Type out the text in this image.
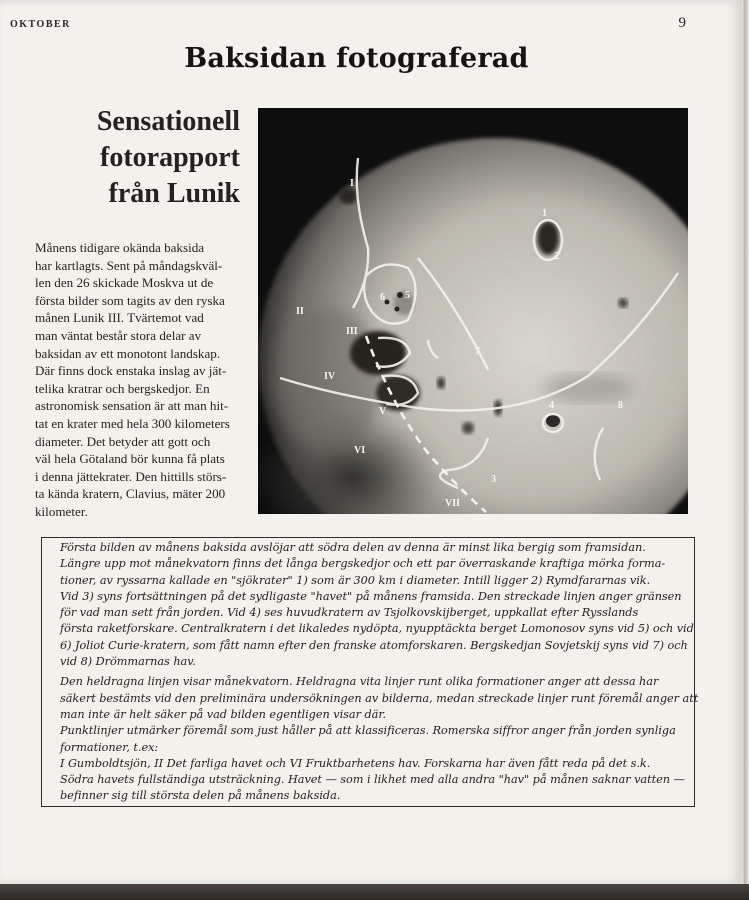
OKTOBER	9
Baksidan fotograferad
Sensationell
fotorapport
från Lunik
Månens tidigare okända baksida
har kartlagts. Sent på måndagskväl-
len den 26 skickade Moskva ut de
första bilder som tagits av den ryska
månen Lunik III. Tvärtemot vad
man väntat består stora delar av
baksidan av ett monotont landskap.
Där finns dock enstaka inslag av jät-
telika kratrar och bergskedjor. En
astronomisk sensation är att man hit-
tat en krater med hela 300 kilometers
diameter. Det betyder att gott och
väl hela Götaland bör kunna få plats
i denna jättekrater. Den hittills störs-
ta kända kratern, Clavius, mäter 200
kilometer.
I
1
2
6 5
II
III
7
IV
V
4	8
VI
3
VII
Första bilden av månens baksida avslöjar att södra delen av denna är minst lika bergig som framsidan.
Längre upp mot månekvatorn finns det långa bergskedjor och ett par överraskande kraftiga mörka forma-
tioner, av ryssarna kallade en "sjökrater" 1) som är 300 km i diameter. Intill ligger 2) Rymdfararnas vik.
Vid 3) syns fortsättningen på det sydligaste "havet" på månens framsida. Den streckade linjen anger gränsen
för vad man sett från jorden. Vid 4) ses huvudkratern av Tsjolkovskijberget, uppkallat efter Rysslands
första raketforskare. Centralkratern i det likaledes nydöpta, nyupptäckta berget Lomonosov syns vid 5) och vid
6) Joliot Curie-kratern, som fått namn efter den franske atomforskaren. Bergskedjan Sovjetskij syns vid 7) och
vid 8) Drömmarnas hav.
Den heldragna linjen visar månekvatorn. Heldragna vita linjer runt olika formationer anger att dessa har
säkert bestämts vid den preliminära undersökningen av bilderna, medan streckade linjer runt föremål anger att
man inte är helt säker på vad bilden egentligen visar där.
Punktlinjer utmärker föremål som just håller på att klassificeras. Romerska siffror anger från jorden synliga
formationer, t.ex:
I Gumboldtsjön, II Det farliga havet och VI Fruktbarhetens hav. Forskarna har även fått reda på det s.k.
Södra havets fullständiga utsträckning. Havet — som i likhet med alla andra "hav" på månen saknar vatten —
befinner sig till största delen på månens baksida.
